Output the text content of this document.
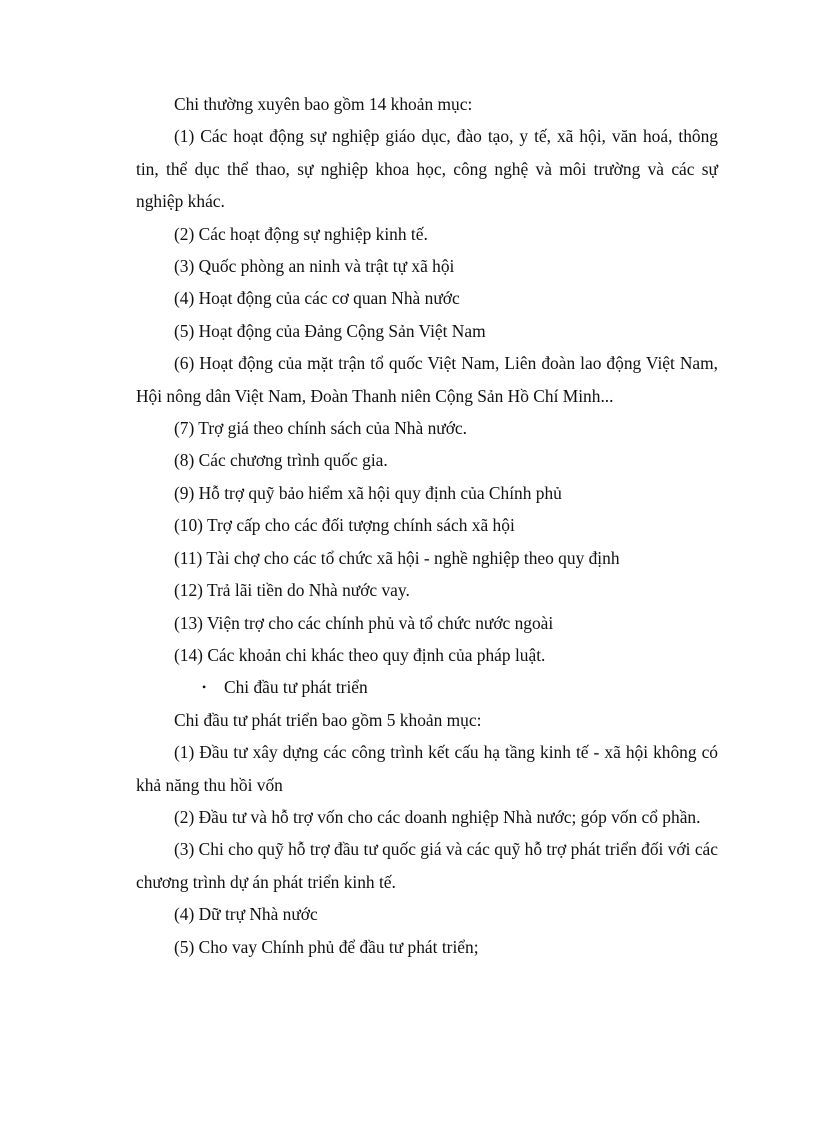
Chi thường xuyên bao gồm 14 khoản mục:

(1) Các hoạt động sự nghiệp giáo dục, đào tạo, y tế, xã hội, văn hoá, thông tin, thể dục thể thao, sự nghiệp khoa học, công nghệ và môi trường và các sự nghiệp khác.

(2) Các hoạt động sự nghiệp kinh tế.

(3) Quốc phòng an ninh và trật tự xã hội

(4) Hoạt động của các cơ quan Nhà nước

(5) Hoạt động của Đảng Cộng Sản Việt Nam

(6) Hoạt động của mặt trận tổ quốc Việt Nam, Liên đoàn lao động Việt Nam, Hội nông dân Việt Nam, Đoàn Thanh niên Cộng Sản Hồ Chí Minh...

(7) Trợ giá theo chính sách của Nhà nước.

(8) Các chương trình quốc gia.

(9) Hỗ trợ quỹ bảo hiểm xã hội quy định của Chính phủ

(10) Trợ cấp cho các đối tượng chính sách xã hội

(11) Tài chợ cho các tổ chức xã hội - nghề nghiệp theo quy định

(12) Trả lãi tiền do Nhà nước vay.

(13) Viện trợ cho các chính phủ và tổ chức nước ngoài

(14) Các khoản chi khác theo quy định của pháp luật.

•	Chi đầu tư phát triển

Chi đầu tư phát triển bao gồm 5 khoản mục:

(1) Đầu tư xây dựng các công trình kết cấu hạ tầng kinh tế - xã hội không có khả năng thu hồi vốn

(2) Đầu tư và hỗ trợ vốn cho các doanh nghiệp Nhà nước; góp vốn cổ phần.

(3) Chi cho quỹ hỗ trợ đầu tư quốc giá và các quỹ hỗ trợ phát triển đối với các chương trình dự án phát triển kinh tế.

(4) Dữ trự Nhà nước

(5) Cho vay Chính phủ để đầu tư phát triển;
